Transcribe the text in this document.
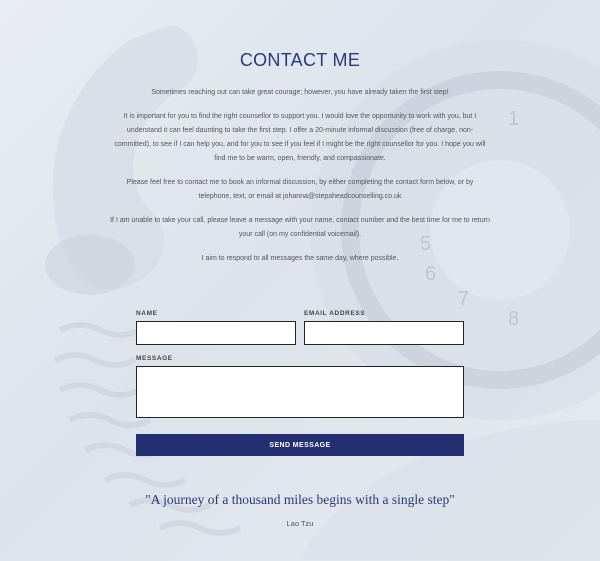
1
5
6
7
8
CONTACT ME

Sometimes reaching out can take great courage; however, you have already taken the first step!

It is important for you to find the right counsellor to support you. I would love the opportunity to work with you, but I understand it can feel daunting to take the first step. I offer a 20-minute informal discussion (free of charge, non-committed), to see if I can help you, and for you to see if you feel if I might be the right counsellor for you. I hope you will find me to be warm, open, friendly, and compassionate.

Please feel free to contact me to book an informal discussion, by either completing the contact form below, or by telephone, text, or email at johanna@stepaheadcounselling.co.uk

If I am unable to take your call, please leave a message with your name, contact number and the best time for me to return your call (on my confidential voicemail).

I aim to respond to all messages the same day, where possible.

NAME	EMAIL ADDRESS
MESSAGE
SEND MESSAGE

"A journey of a thousand miles begins with a single step"

Lao Tzu
